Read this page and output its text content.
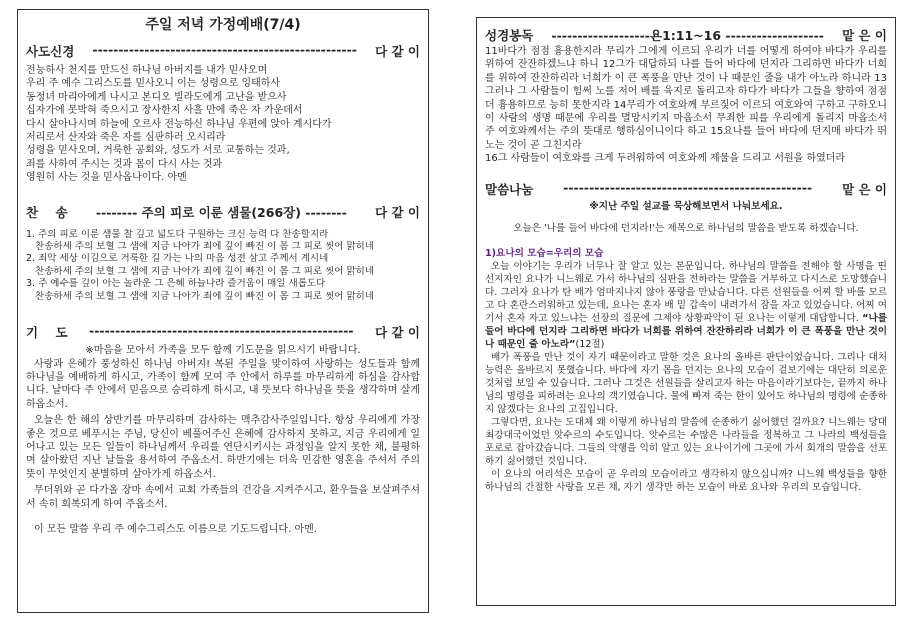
주일 저녁 가정예배(7/4)
사도신경	---------------------------------------------------	다 같 이
전능하사 천지를 만드신 하나님 아버지를 내가 믿사오며
우리 주 예수 그리스도를 믿사오니 이는 성령으로 잉태하사
동정녀 마리아에게 나시고 본디오 빌라도에게 고난을 받으사
십자가에 못박혀 죽으시고 장사한지 사흘 만에 죽은 자 가운데서
다시 살아나시며 하늘에 오르사 전능하신 하나님 우편에 앉아 계시다가
저리로서 산자와 죽은 자를 심판하러 오시리라
성령을 믿사오며, 거룩한 공회와, 성도가 서로 교통하는 것과,
죄를 사하여 주시는 것과 몸이 다시 사는 것과
영원히 사는 것을 믿사옵나이다. 아멘
찬    송	-------- 주의 피로 이룬 샘물(266장) --------	다 같 이
1. 주의 피로 이룬 샘물 찰 깊고 넓도다 구원하는 크신 능력 다 찬송할지라
찬송하세 주의 보혈 그 샘에 지금 나아가 죄에 깊이 빠진 이 몸 그 피로 씻어 맑히네
2. 죄악 세상 이김으로 거룩한 길 가는 나의 마음 성전 삼고 주께서 계시네
찬송하세 주의 보혈 그 샘에 지금 나아가 죄에 깊이 빠진 이 몸 그 피로 씻어 맑히네
3. 주 예수를 깊이 아는 놀라운 그 은혜 하늘나라 즐거움이 매일 새롭도다
찬송하세 주의 보혈 그 샘에 지금 나아가 죄에 깊이 빠진 이 몸 그 피로 씻어 맑히네
기    도	---------------------------------------------------	다 같 이
※마음을 모아서 가족을 모두 함께 기도문을 읽으시기 바랍니다.
사랑과 은혜가 풍성하신 하나님 아버지! 복된 주일을 맞이하여 사랑하는 성도들과 함께 하나님을 예배하게 하시고, 가족이 함께 모여 주 안에서 하루를 마무리하게 하심을 감사합니다. 날마다 주 안에서 믿음으로 승리하게 하시고, 내 뜻보다 하나님을 뜻을 생각하며 살게 하옵소서.
오늘은 한 해의 상반기를 마무리하며 감사하는 맥추감사주일입니다. 항상 우리에게 가장 좋은 것으로 베푸시는 주님, 당신이 베풀어주신 은혜에 감사하지 못하고, 지금 우리에게 일어나고 있는 모든 일들이 하나님께서 우리를 연단시키시는 과정임을 알지 못한 채, 불평하며 살아왔던 지난 날들을 용서하여 주옵소서. 하반기에는 더욱 민감한 영혼을 주셔서 주의 뜻이 무엇인지 분별하며 살아가게 하옵소서.
무더위와 곧 다가올 장마 속에서 교회 가족들의 건강을 지켜주시고, 환우들을 보살펴주셔서 속히 회복되게 하여 주옵소서.
이 모든 말씀 우리 주 예수그리스도 이름으로 기도드립니다. 아멘.
성경봉독	-------------------욘1:11~16 -------------------	맡 은 이
11바다가 점점 흉용한지라 무리가 그에게 이르되 우리가 너를 어떻게 하여야 바다가 우리를 위하여 잔잔하겠느냐 하니 12그가 대답하되 나를 들어 바다에 던지라 그리하면 바다가 너희를 위하여 잔잔하리라 너희가 이 큰 폭풍을 만난 것이 나 때문인 줄을 내가 아노라 하니라 13그러나 그 사람들이 힘써 노를 저어 배를 육지로 돌리고자 하다가 바다가 그들을 향하여 점점 더 흉용하므로 능히 못한지라 14무리가 여호와께 부르짖어 이르되 여호와여 구하고 구하오니 이 사람의 생명 때문에 우리를 멸망시키지 마옵소서 무죄한 피를 우리에게 돌리지 마옵소서 주 여호와께서는 주의 뜻대로 행하심이니이다 하고 15요나를 들어 바다에 던지매 바다가 뛰노는 것이 곧 그친지라
16그 사람들이 여호와를 크게 두려워하여 여호와께 제물을 드리고 서원을 하였더라
말씀나눔	------------------------------------------------	맡 은 이
※지난 주일 설교를 묵상해보면서 나눠보세요.
오늘은 '나를 들어 바다에 던지라!'는 제목으로 하나님의 말씀을 받도록 하겠습니다.
1)요나의 모습=우리의 모습
오늘 이야기는 우리가 너무나 잘 알고 있는 본문입니다. 하나님의 말씀을 전해야 할 사명을 띤 선지자인 요나가 니느웨로 가서 하나님의 심판을 전하라는 말씀을 거부하고 다시스로 도망했습니다. 그러자 요나가 탄 배가 엄마지나지 않아 풍랑을 만났습니다. 다른 선원들을 어찌 할 바를 모르고 다 혼란스러워하고 있는데, 요나는 혼자 배 밑 갑속이 내려가서 잠을 자고 있었습니다. 어찌 여기서 혼자 자고 있느냐는 선장의 질문에 그제야 상황파악이 된 요나는 이렇게 대답합니다. “나를 들어 바다에 던지라 그리하면 바다가 너희를 위하여 잔잔하리라 너희가 이 큰 폭풍을 만난 것이 나 때문인 줄 아노라”(12절)
배가 폭풍을 만난 것이 자기 때문이라고 말한 것은 요나의 올바른 판단이었습니다. 그리나 대처능력은 올바르지 못했습니다. 바다에 자기 몸을 던지는 요나의 모습이 겉보기에는 대단히 의로운 것처럼 보일 수 있습니다. 그러나 그것은 선원들을 살리고자 하는 마음이라기보다는, 끝까지 하나님의 명령을 피하려는 요나의 객기였습니다. 물에 빠져 죽는 한이 있어도 하나님의 명령에 순종하지 않겠다는 요나의 고집입니다.
그렇다면, 요나는 도대체 왜 이렇게 하나님의 말씀에 순종하기 싫어했던 걸까요? 니느웨는 당대 최강대국이었던 앗수르의 수도입니다. 앗수르는 수많은 나라들을 정복하고 그 나라의 백성들을 포로로 잡아갔습니다. 그들의 악행을 익히 알고 있는 요나이기에 그곳에 가서 회개의 말씀을 선포하기 싫어했던 것입니다.
이 요나의 어리석은 모습이 곧 우리의 모습이라고 생각하지 않으십니까? 니느웨 백성들을 향한 하나님의 간절한 사랑을 모른 채, 자기 생각만 하는 모습이 바로 요나와 우리의 모습입니다.
